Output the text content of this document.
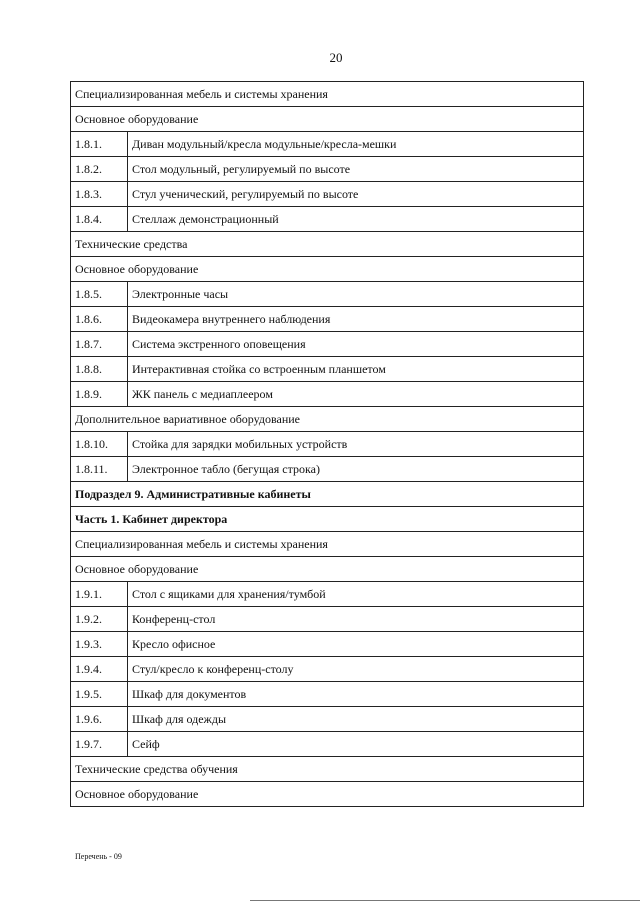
20
Специализированная мебель и системы хранения	
Основное оборудование	
1.8.1.	Диван модульный/кресла модульные/кресла-мешки
1.8.2.	Стол модульный, регулируемый по высоте
1.8.3.	Стул ученический, регулируемый по высоте
1.8.4.	Стеллаж демонстрационный
Технические средства	
Основное оборудование	
1.8.5.	Электронные часы
1.8.6.	Видеокамера внутреннего наблюдения
1.8.7.	Система экстренного оповещения
1.8.8.	Интерактивная стойка со встроенным планшетом
1.8.9.	ЖК панель с медиаплеером
Дополнительное вариативное оборудование	
1.8.10.	Стойка для зарядки мобильных устройств
1.8.11.	Электронное табло (бегущая строка)
Подраздел 9. Административные кабинеты	
Часть 1. Кабинет директора	
Специализированная мебель и системы хранения	
Основное оборудование	
1.9.1.	Стол с ящиками для хранения/тумбой
1.9.2.	Конференц-стол
1.9.3.	Кресло офисное
1.9.4.	Стул/кресло к конференц-столу
1.9.5.	Шкаф для документов
1.9.6.	Шкаф для одежды
1.9.7.	Сейф
Технические средства обучения	
Основное оборудование	
Перечень - 09
